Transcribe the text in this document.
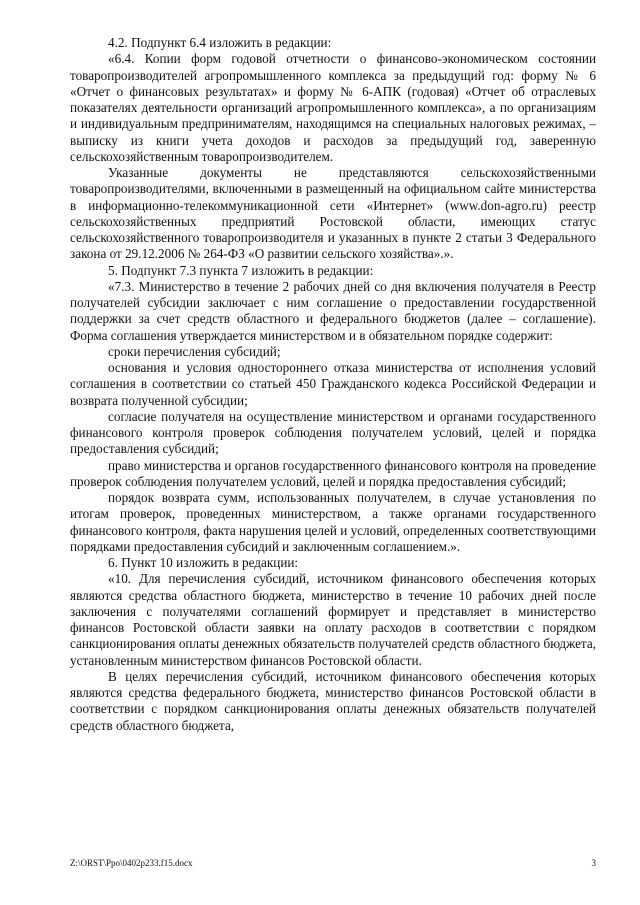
4.2. Подпункт 6.4 изложить в редакции:

«6.4. Копии форм годовой отчетности о финансово-экономическом состоянии товаропроизводителей агропромышленного комплекса за предыдущий год: форму № 6 «Отчет о финансовых результатах» и форму № 6-АПК (годовая) «Отчет об отраслевых показателях деятельности организаций агропромышленного комплекса», а по организациям и индивидуальным предпринимателям, находящимся на специальных налоговых режимах, – выписку из книги учета доходов и расходов за предыдущий год, заверенную сельскохозяйственным товаропроизводителем.

Указанные документы не представляются сельскохозяйственными товаропроизводителями, включенными в размещенный на официальном сайте министерства в информационно-телекоммуникационной сети «Интернет» (www.don-agro.ru) реестр сельскохозяйственных предприятий Ростовской области, имеющих статус сельскохозяйственного товаропроизводителя и указанных в пункте 2 статьи 3 Федерального закона от 29.12.2006 № 264-ФЗ «О развитии сельского хозяйства».».

5. Подпункт 7.3 пункта 7 изложить в редакции:

«7.3. Министерство в течение 2 рабочих дней со дня включения получателя в Реестр получателей субсидии заключает с ним соглашение о предоставлении государственной поддержки за счет средств областного и федерального бюджетов (далее – соглашение). Форма соглашения утверждается министерством и в обязательном порядке содержит:

сроки перечисления субсидий;

основания и условия одностороннего отказа министерства от исполнения условий соглашения в соответствии со статьей 450 Гражданского кодекса Российской Федерации и возврата полученной субсидии;

согласие получателя на осуществление министерством и органами государственного финансового контроля проверок соблюдения получателем условий, целей и порядка предоставления субсидий;

право министерства и органов государственного финансового контроля на проведение проверок соблюдения получателем условий, целей и порядка предоставления субсидий;

порядок возврата сумм, использованных получателем, в случае установления по итогам проверок, проведенных министерством, а также органами государственного финансового контроля, факта нарушения целей и условий, определенных соответствующими порядками предоставления субсидий и заключенным соглашением.».

6. Пункт 10 изложить в редакции:

«10. Для перечисления субсидий, источником финансового обеспечения которых являются средства областного бюджета, министерство в течение 10 рабочих дней после заключения с получателями соглашений формирует и представляет в министерство финансов Ростовской области заявки на оплату расходов в соответствии с порядком санкционирования оплаты денежных обязательств получателей средств областного бюджета, установленным министерством финансов Ростовской области.

В целях перечисления субсидий, источником финансового обеспечения которых являются средства федерального бюджета, министерство финансов Ростовской области в соответствии с порядком санкционирования оплаты денежных обязательств получателей средств областного бюджета,

Z:\ORST\Ppo\0402p233.f15.docx	3
